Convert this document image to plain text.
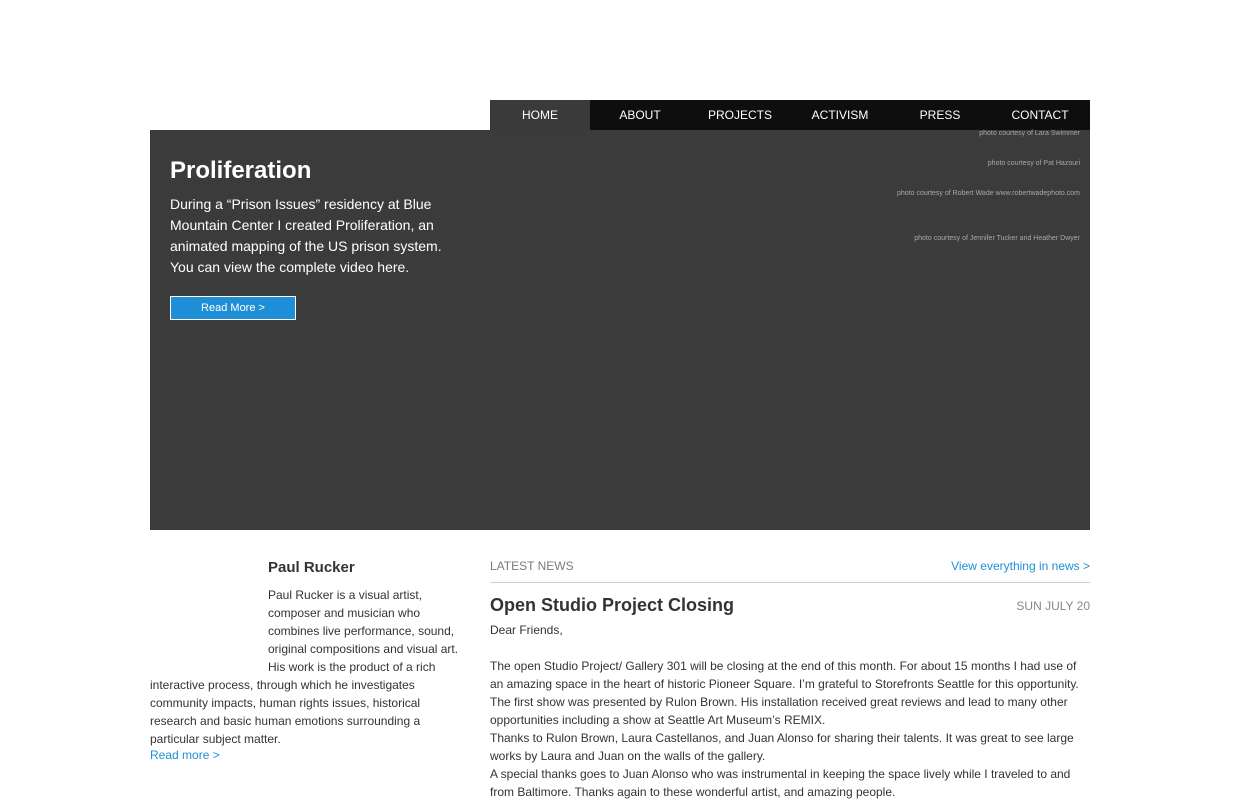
HOME	ABOUT	PROJECTS	ACTIVISM	PRESS	CONTACT
Proliferation
During a “Prison Issues” residency at Blue Mountain Center I created Proliferation, an animated mapping of the US prison system. You can view the complete video here.
Read More >
photo courtesy of Lara Swimmer
photo courtesy of Pat Hazouri
photo courtesy of Robert Wade www.robertwadephoto.com
photo courtesy of Jennifer Tucker and Heather Dwyer
Paul Rucker
Paul Rucker is a visual artist, composer and musician who combines live performance, sound, original compositions and visual art. His work is the product of a rich interactive process, through which he investigates community impacts, human rights issues, historical research and basic human emotions surrounding a particular subject matter.
Read more >
LATEST NEWS	View everything in news >
Open Studio Project Closing	SUN JULY 20

Dear Friends,

The open Studio Project/ Gallery 301 will be closing at the end of this month. For about 15 months I had use of an amazing space in the heart of historic Pioneer Square. I’m grateful to Storefronts Seattle for this opportunity. The first show was presented by Rulon Brown. His installation received great reviews and lead to many other opportunities including a show at Seattle Art Museum’s REMIX.

Thanks to Rulon Brown, Laura Castellanos, and Juan Alonso for sharing their talents. It was great to see large works by Laura and Juan on the walls of the gallery.

A special thanks goes to Juan Alonso who was instrumental in keeping the space lively while I traveled to and from Baltimore. Thanks again to these wonderful artist, and amazing people.
